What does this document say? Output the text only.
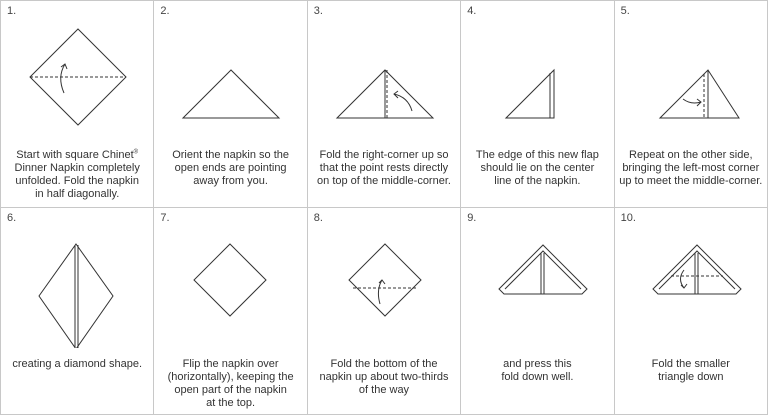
1.
Start with square Chinet®
Dinner Napkin completely
unfolded. Fold the napkin
in half diagonally.
2.
Orient the napkin so the
open ends are pointing
away from you.
3.
Fold the right-corner up so
that the point rests directly
on top of the middle-corner.
4.
The edge of this new flap
should lie on the center
line of the napkin.
5.
Repeat on the other side,
bringing the left-most corner
up to meet the middle-corner.
6.
creating a diamond shape.
7.
Flip the napkin over
(horizontally), keeping the
open part of the napkin
at the top.
8.
Fold the bottom of the
napkin up about two-thirds
of the way
9.
and press this
fold down well.
10.
Fold the smaller
triangle down
